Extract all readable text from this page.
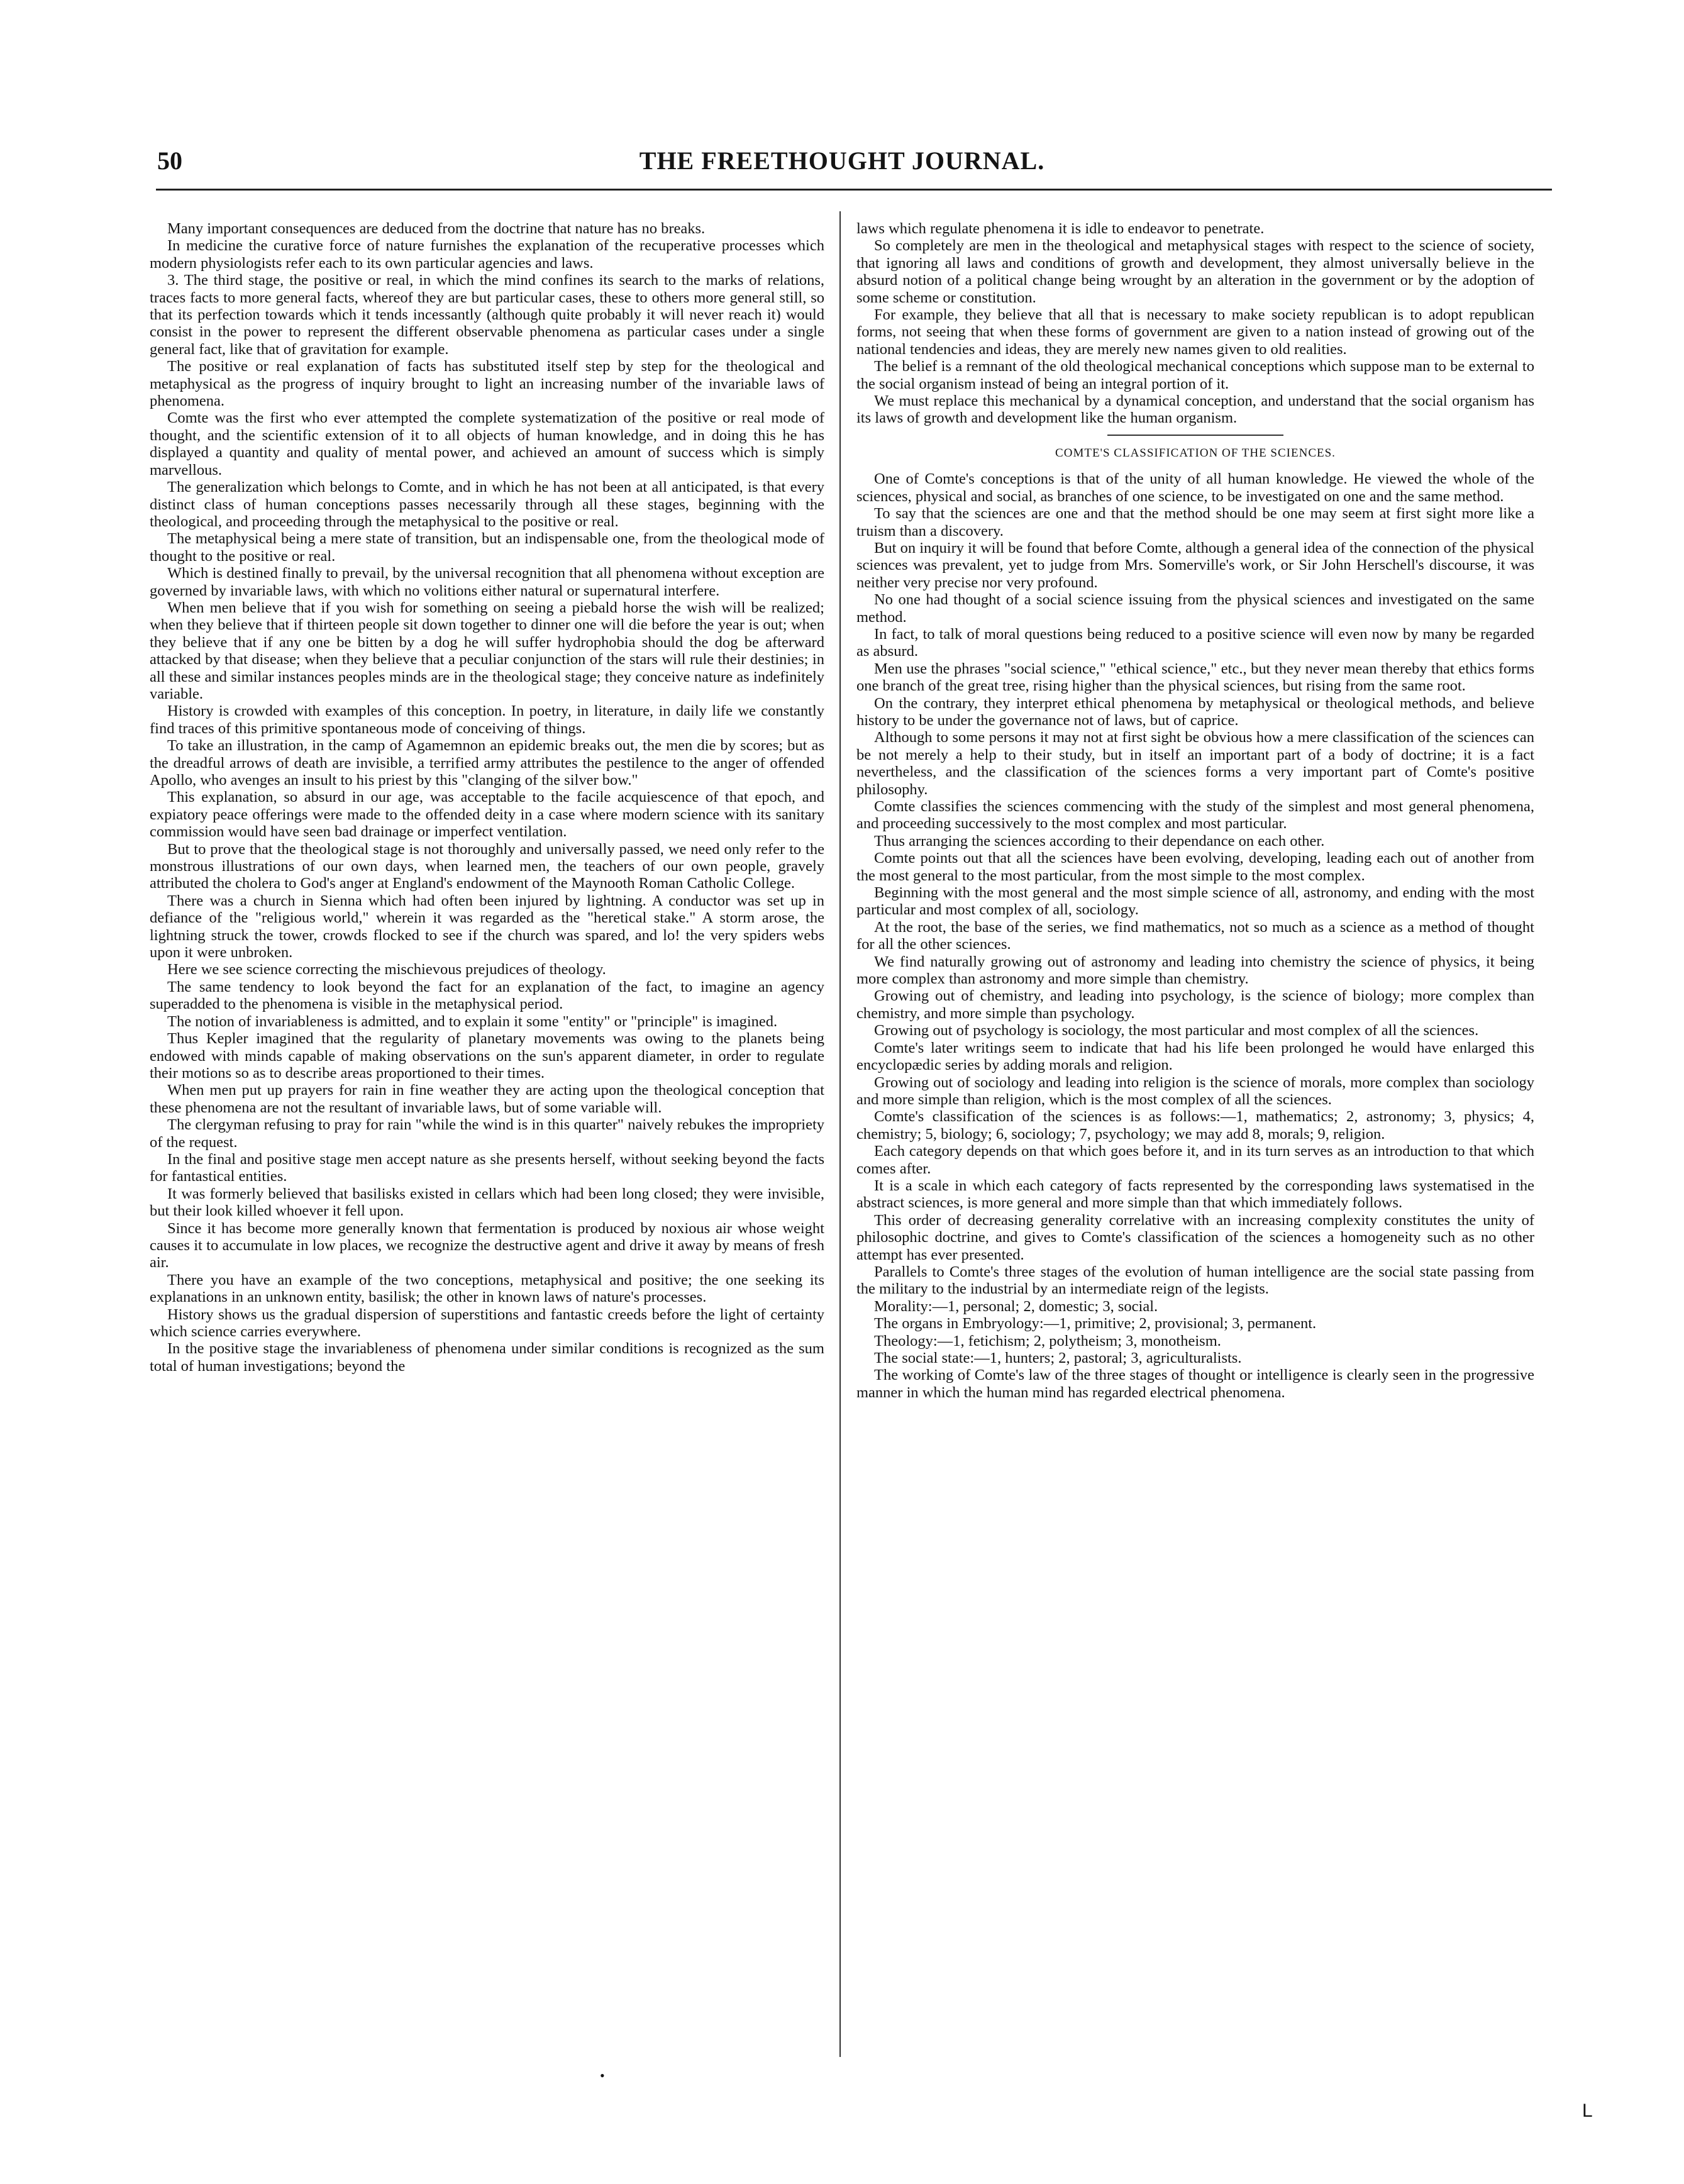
50	THE FREETHOUGHT JOURNAL.

Many important consequences are deduced from the doctrine that nature has no breaks.

In medicine the curative force of nature furnishes the explanation of the recuperative processes which modern physiologists refer each to its own particular agencies and laws.

3. The third stage, the positive or real, in which the mind confines its search to the marks of relations, traces facts to more general facts, whereof they are but particular cases, these to others more general still, so that its perfection towards which it tends incessantly (although quite probably it will never reach it) would consist in the power to represent the different observable phenomena as particular cases under a single general fact, like that of gravitation for example.

The positive or real explanation of facts has substituted itself step by step for the theological and metaphysical as the progress of inquiry brought to light an increasing number of the invariable laws of phenomena.

Comte was the first who ever attempted the complete systematization of the positive or real mode of thought, and the scientific extension of it to all objects of human knowledge, and in doing this he has displayed a quantity and quality of mental power, and achieved an amount of success which is simply marvellous.

The generalization which belongs to Comte, and in which he has not been at all anticipated, is that every distinct class of human conceptions passes necessarily through all these stages, beginning with the theological, and proceeding through the metaphysical to the positive or real.

The metaphysical being a mere state of transition, but an indispensable one, from the theological mode of thought to the positive or real.

Which is destined finally to prevail, by the universal recognition that all phenomena without exception are governed by invariable laws, with which no volitions either natural or supernatural interfere.

When men believe that if you wish for something on seeing a piebald horse the wish will be realized; when they believe that if thirteen people sit down together to dinner one will die before the year is out; when they believe that if any one be bitten by a dog he will suffer hydrophobia should the dog be afterward attacked by that disease; when they believe that a peculiar conjunction of the stars will rule their destinies; in all these and similar instances peoples minds are in the theological stage; they conceive nature as indefinitely variable.

History is crowded with examples of this conception. In poetry, in literature, in daily life we constantly find traces of this primitive spontaneous mode of conceiving of things.

To take an illustration, in the camp of Agamemnon an epidemic breaks out, the men die by scores; but as the dreadful arrows of death are invisible, a terrified army attributes the pestilence to the anger of offended Apollo, who avenges an insult to his priest by this "clanging of the silver bow."

This explanation, so absurd in our age, was acceptable to the facile acquiescence of that epoch, and expiatory peace offerings were made to the offended deity in a case where modern science with its sanitary commission would have seen bad drainage or imperfect ventilation.

But to prove that the theological stage is not thoroughly and universally passed, we need only refer to the monstrous illustrations of our own days, when learned men, the teachers of our own people, gravely attributed the cholera to God's anger at England's endowment of the Maynooth Roman Catholic College.

There was a church in Sienna which had often been injured by lightning. A conductor was set up in defiance of the "religious world," wherein it was regarded as the "heretical stake." A storm arose, the lightning struck the tower, crowds flocked to see if the church was spared, and lo! the very spiders webs upon it were unbroken.

Here we see science correcting the mischievous prejudices of theology.

The same tendency to look beyond the fact for an explanation of the fact, to imagine an agency superadded to the phenomena is visible in the metaphysical period.

The notion of invariableness is admitted, and to explain it some "entity" or "principle" is imagined.

Thus Kepler imagined that the regularity of planetary movements was owing to the planets being endowed with minds capable of making observations on the sun's apparent diameter, in order to regulate their motions so as to describe areas proportioned to their times.

When men put up prayers for rain in fine weather they are acting upon the theological conception that these phenomena are not the resultant of invariable laws, but of some variable will.

The clergyman refusing to pray for rain "while the wind is in this quarter" naively rebukes the impropriety of the request.

In the final and positive stage men accept nature as she presents herself, without seeking beyond the facts for fantastical entities.

It was formerly believed that basilisks existed in cellars which had been long closed; they were invisible, but their look killed whoever it fell upon.

Since it has become more generally known that fermentation is produced by noxious air whose weight causes it to accumulate in low places, we recognize the destructive agent and drive it away by means of fresh air.

There you have an example of the two conceptions, metaphysical and positive; the one seeking its explanations in an unknown entity, basilisk; the other in known laws of nature's processes.

History shows us the gradual dispersion of superstitions and fantastic creeds before the light of certainty which science carries everywhere.

In the positive stage the invariableness of phenomena under similar conditions is recognized as the sum total of human investigations; beyond the

laws which regulate phenomena it is idle to endeavor to penetrate.

So completely are men in the theological and metaphysical stages with respect to the science of society, that ignoring all laws and conditions of growth and development, they almost universally believe in the absurd notion of a political change being wrought by an alteration in the government or by the adoption of some scheme or constitution.

For example, they believe that all that is necessary to make society republican is to adopt republican forms, not seeing that when these forms of government are given to a nation instead of growing out of the national tendencies and ideas, they are merely new names given to old realities.

The belief is a remnant of the old theological mechanical conceptions which suppose man to be external to the social organism instead of being an integral portion of it.

We must replace this mechanical by a dynamical conception, and understand that the social organism has its laws of growth and development like the human organism.

COMTE'S CLASSIFICATION OF THE SCIENCES.

One of Comte's conceptions is that of the unity of all human knowledge. He viewed the whole of the sciences, physical and social, as branches of one science, to be investigated on one and the same method.

To say that the sciences are one and that the method should be one may seem at first sight more like a truism than a discovery.

But on inquiry it will be found that before Comte, although a general idea of the connection of the physical sciences was prevalent, yet to judge from Mrs. Somerville's work, or Sir John Herschell's discourse, it was neither very precise nor very profound.

No one had thought of a social science issuing from the physical sciences and investigated on the same method.

In fact, to talk of moral questions being reduced to a positive science will even now by many be regarded as absurd.

Men use the phrases "social science," "ethical science," etc., but they never mean thereby that ethics forms one branch of the great tree, rising higher than the physical sciences, but rising from the same root.

On the contrary, they interpret ethical phenomena by metaphysical or theological methods, and believe history to be under the governance not of laws, but of caprice.

Although to some persons it may not at first sight be obvious how a mere classification of the sciences can be not merely a help to their study, but in itself an important part of a body of doctrine; it is a fact nevertheless, and the classification of the sciences forms a very important part of Comte's positive philosophy.

Comte classifies the sciences commencing with the study of the simplest and most general phenomena, and proceeding successively to the most complex and most particular.

Thus arranging the sciences according to their dependance on each other.

Comte points out that all the sciences have been evolving, developing, leading each out of another from the most general to the most particular, from the most simple to the most complex.

Beginning with the most general and the most simple science of all, astronomy, and ending with the most particular and most complex of all, sociology.

At the root, the base of the series, we find mathematics, not so much as a science as a method of thought for all the other sciences.

We find naturally growing out of astronomy and leading into chemistry the science of physics, it being more complex than astronomy and more simple than chemistry.

Growing out of chemistry, and leading into psychology, is the science of biology; more complex than chemistry, and more simple than psychology.

Growing out of psychology is sociology, the most particular and most complex of all the sciences.

Comte's later writings seem to indicate that had his life been prolonged he would have enlarged this encyclopædic series by adding morals and religion.

Growing out of sociology and leading into religion is the science of morals, more complex than sociology and more simple than religion, which is the most complex of all the sciences.

Comte's classification of the sciences is as follows:—1, mathematics; 2, astronomy; 3, physics; 4, chemistry; 5, biology; 6, sociology; 7, psychology; we may add 8, morals; 9, religion.

Each category depends on that which goes before it, and in its turn serves as an introduction to that which comes after.

It is a scale in which each category of facts represented by the corresponding laws systematised in the abstract sciences, is more general and more simple than that which immediately follows.

This order of decreasing generality correlative with an increasing complexity constitutes the unity of philosophic doctrine, and gives to Comte's classification of the sciences a homogeneity such as no other attempt has ever presented.

Parallels to Comte's three stages of the evolution of human intelligence are the social state passing from the military to the industrial by an intermediate reign of the legists.

Morality:—1, personal; 2, domestic; 3, social.

The organs in Embryology:—1, primitive; 2, provisional; 3, permanent.

Theology:—1, fetichism; 2, polytheism; 3, monotheism.

The social state:—1, hunters; 2, pastoral; 3, agriculturalists.

The working of Comte's law of the three stages of thought or intelligence is clearly seen in the progressive manner in which the human mind has regarded electrical phenomena.

•
L
